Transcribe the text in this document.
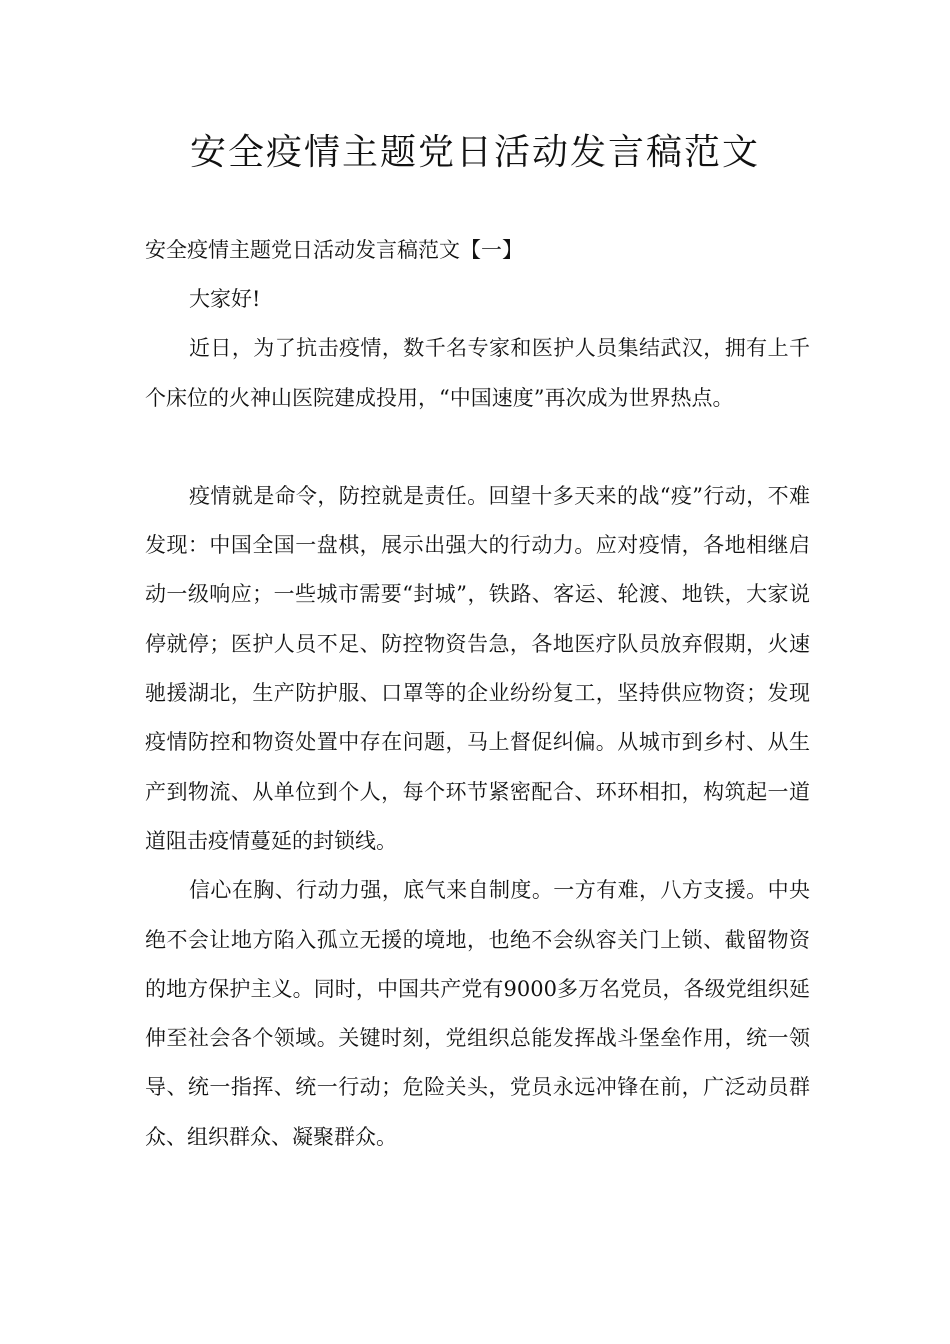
安全疫情主题党日活动发言稿范文

安全疫情主题党日活动发言稿范文【一】

大家好!

近日，为了抗击疫情，数千名专家和医护人员集结武汉，拥有上千个床位的火神山医院建成投用，“中国速度”再次成为世界热点。

疫情就是命令，防控就是责任。回望十多天来的战“疫”行动，不难发现：中国全国一盘棋，展示出强大的行动力。应对疫情，各地相继启动一级响应；一些城市需要“封城”，铁路、客运、轮渡、地铁，大家说停就停；医护人员不足、防控物资告急，各地医疗队员放弃假期，火速驰援湖北，生产防护服、口罩等的企业纷纷复工，坚持供应物资；发现疫情防控和物资处置中存在问题，马上督促纠偏。从城市到乡村、从生产到物流、从单位到个人，每个环节紧密配合、环环相扣，构筑起一道道阻击疫情蔓延的封锁线。

信心在胸、行动力强，底气来自制度。一方有难，八方支援。中央绝不会让地方陷入孤立无援的境地，也绝不会纵容关门上锁、截留物资的地方保护主义。同时，中国共产党有9000多万名党员，各级党组织延伸至社会各个领域。关键时刻，党组织总能发挥战斗堡垒作用，统一领导、统一指挥、统一行动；危险关头，党员永远冲锋在前，广泛动员群众、组织群众、凝聚群众。
